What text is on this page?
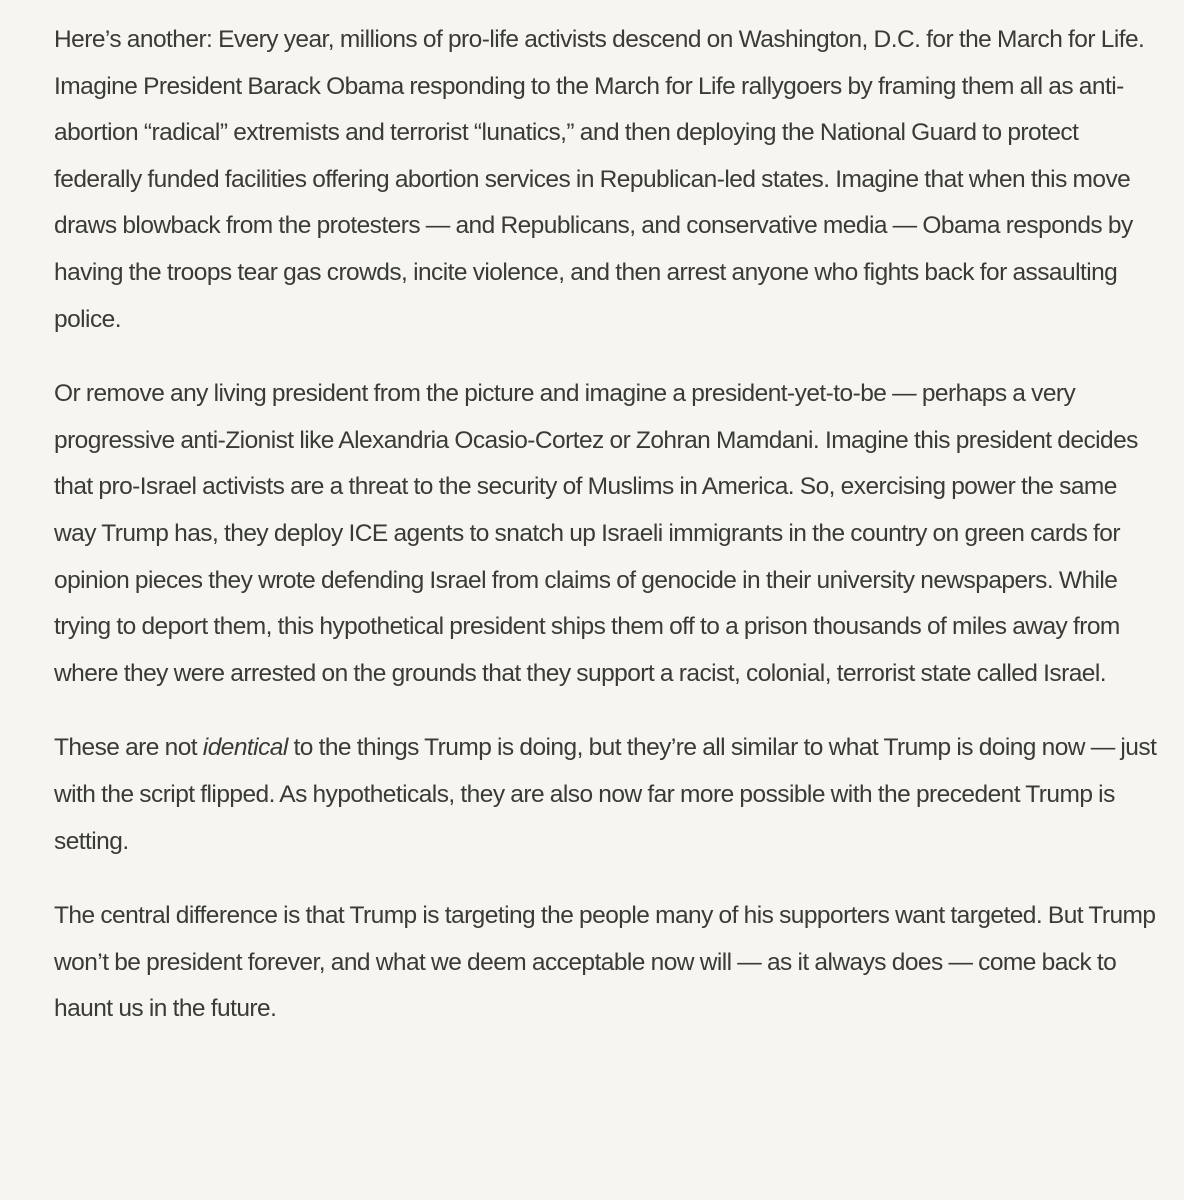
Here’s another: Every year, millions of pro-life activists descend on Washington, D.C. for the March for Life. Imagine President Barack Obama responding to the March for Life rallygoers by framing them all as anti-abortion “radical” extremists and terrorist “lunatics,” and then deploying the National Guard to protect federally funded facilities offering abortion services in Republican-led states. Imagine that when this move draws blowback from the protesters — and Republicans, and conservative media — Obama responds by having the troops tear gas crowds, incite violence, and then arrest anyone who fights back for assaulting police.

Or remove any living president from the picture and imagine a president-yet-to-be — perhaps a very progressive anti-Zionist like Alexandria Ocasio-Cortez or Zohran Mamdani. Imagine this president decides that pro-Israel activists are a threat to the security of Muslims in America. So, exercising power the same way Trump has, they deploy ICE agents to snatch up Israeli immigrants in the country on green cards for opinion pieces they wrote defending Israel from claims of genocide in their university newspapers. While trying to deport them, this hypothetical president ships them off to a prison thousands of miles away from where they were arrested on the grounds that they support a racist, colonial, terrorist state called Israel.

These are not identical to the things Trump is doing, but they’re all similar to what Trump is doing now — just with the script flipped. As hypotheticals, they are also now far more possible with the precedent Trump is setting.

The central difference is that Trump is targeting the people many of his supporters want targeted. But Trump won’t be president forever, and what we deem acceptable now will — as it always does — come back to haunt us in the future.
